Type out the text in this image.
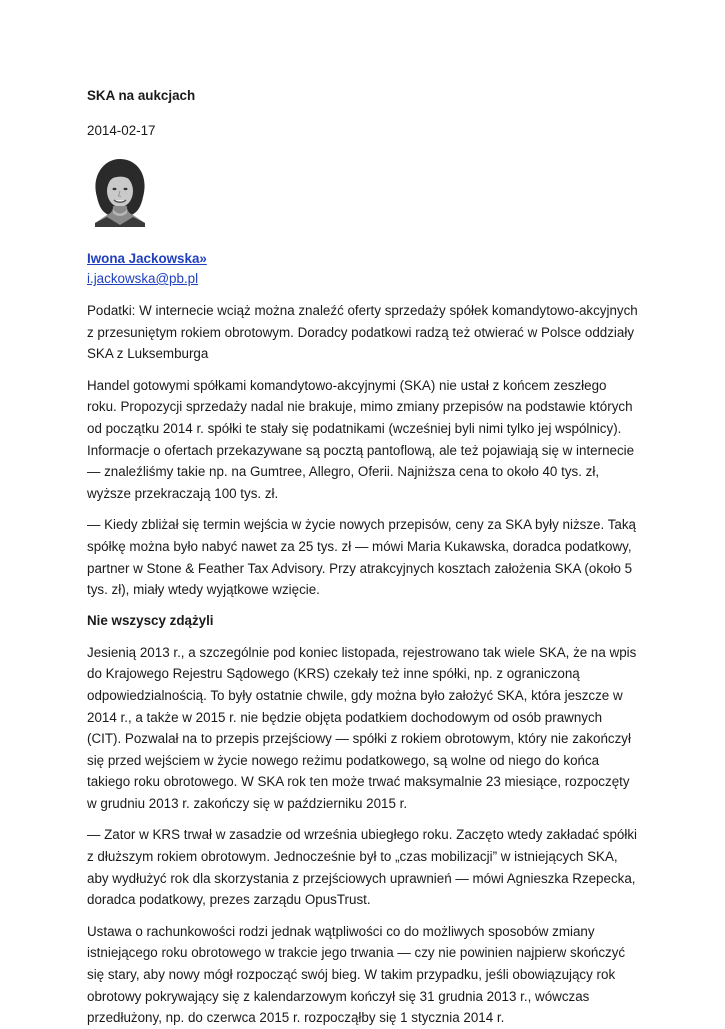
SKA na aukcjach
2014-02-17
Iwona Jackowska»
i.jackowska@pb.pl

Podatki: W internecie wciąż można znaleźć oferty sprzedaży spółek komandytowo-akcyjnych z przesuniętym rokiem obrotowym. Doradcy podatkowi radzą też otwierać w Polsce oddziały SKA z Luksemburga

Handel gotowymi spółkami komandytowo-akcyjnymi (SKA) nie ustał z końcem zeszłego roku. Propozycji sprzedaży nadal nie brakuje, mimo zmiany przepisów na podstawie których od początku 2014 r. spółki te stały się podatnikami (wcześniej byli nimi tylko jej wspólnicy). Informacje o ofertach przekazywane są pocztą pantoflową, ale też pojawiają się w internecie — znaleźliśmy takie np. na Gumtree, Allegro, Oferii. Najniższa cena to około 40 tys. zł, wyższe przekraczają 100 tys. zł.

— Kiedy zbliżał się termin wejścia w życie nowych przepisów, ceny za SKA były niższe. Taką spółkę można było nabyć nawet za 25 tys. zł — mówi Maria Kukawska, doradca podatkowy, partner w Stone & Feather Tax Advisory. Przy atrakcyjnych kosztach założenia SKA (około 5 tys. zł), miały wtedy wyjątkowe wzięcie.

Nie wszyscy zdążyli

Jesienią 2013 r., a szczególnie pod koniec listopada, rejestrowano tak wiele SKA, że na wpis do Krajowego Rejestru Sądowego (KRS) czekały też inne spółki, np. z ograniczoną odpowiedzialnością. To były ostatnie chwile, gdy można było założyć SKA, która jeszcze w 2014 r., a także w 2015 r. nie będzie objęta podatkiem dochodowym od osób prawnych (CIT). Pozwalał na to przepis przejściowy — spółki z rokiem obrotowym, który nie zakończył się przed wejściem w życie nowego reżimu podatkowego, są wolne od niego do końca takiego roku obrotowego. W SKA rok ten może trwać maksymalnie 23 miesiące, rozpoczęty w grudniu 2013 r. zakończy się w październiku 2015 r.

— Zator w KRS trwał w zasadzie od września ubiegłego roku. Zaczęto wtedy zakładać spółki z dłuższym rokiem obrotowym. Jednocześnie był to „czas mobilizacji” w istniejących SKA, aby wydłużyć rok dla skorzystania z przejściowych uprawnień — mówi Agnieszka Rzepecka, doradca podatkowy, prezes zarządu OpusTrust.

Ustawa o rachunkowości rodzi jednak wątpliwości co do możliwych sposobów zmiany istniejącego roku obrotowego w trakcie jego trwania — czy nie powinien najpierw skończyć się stary, aby nowy mógł rozpocząć swój bieg. W takim przypadku, jeśli obowiązujący rok obrotowy pokrywający się z kalendarzowym kończył się 31 grudnia 2013 r., wówczas przedłużony, np. do czerwca 2015 r. rozpocząłby się 1 stycznia 2014 r.
